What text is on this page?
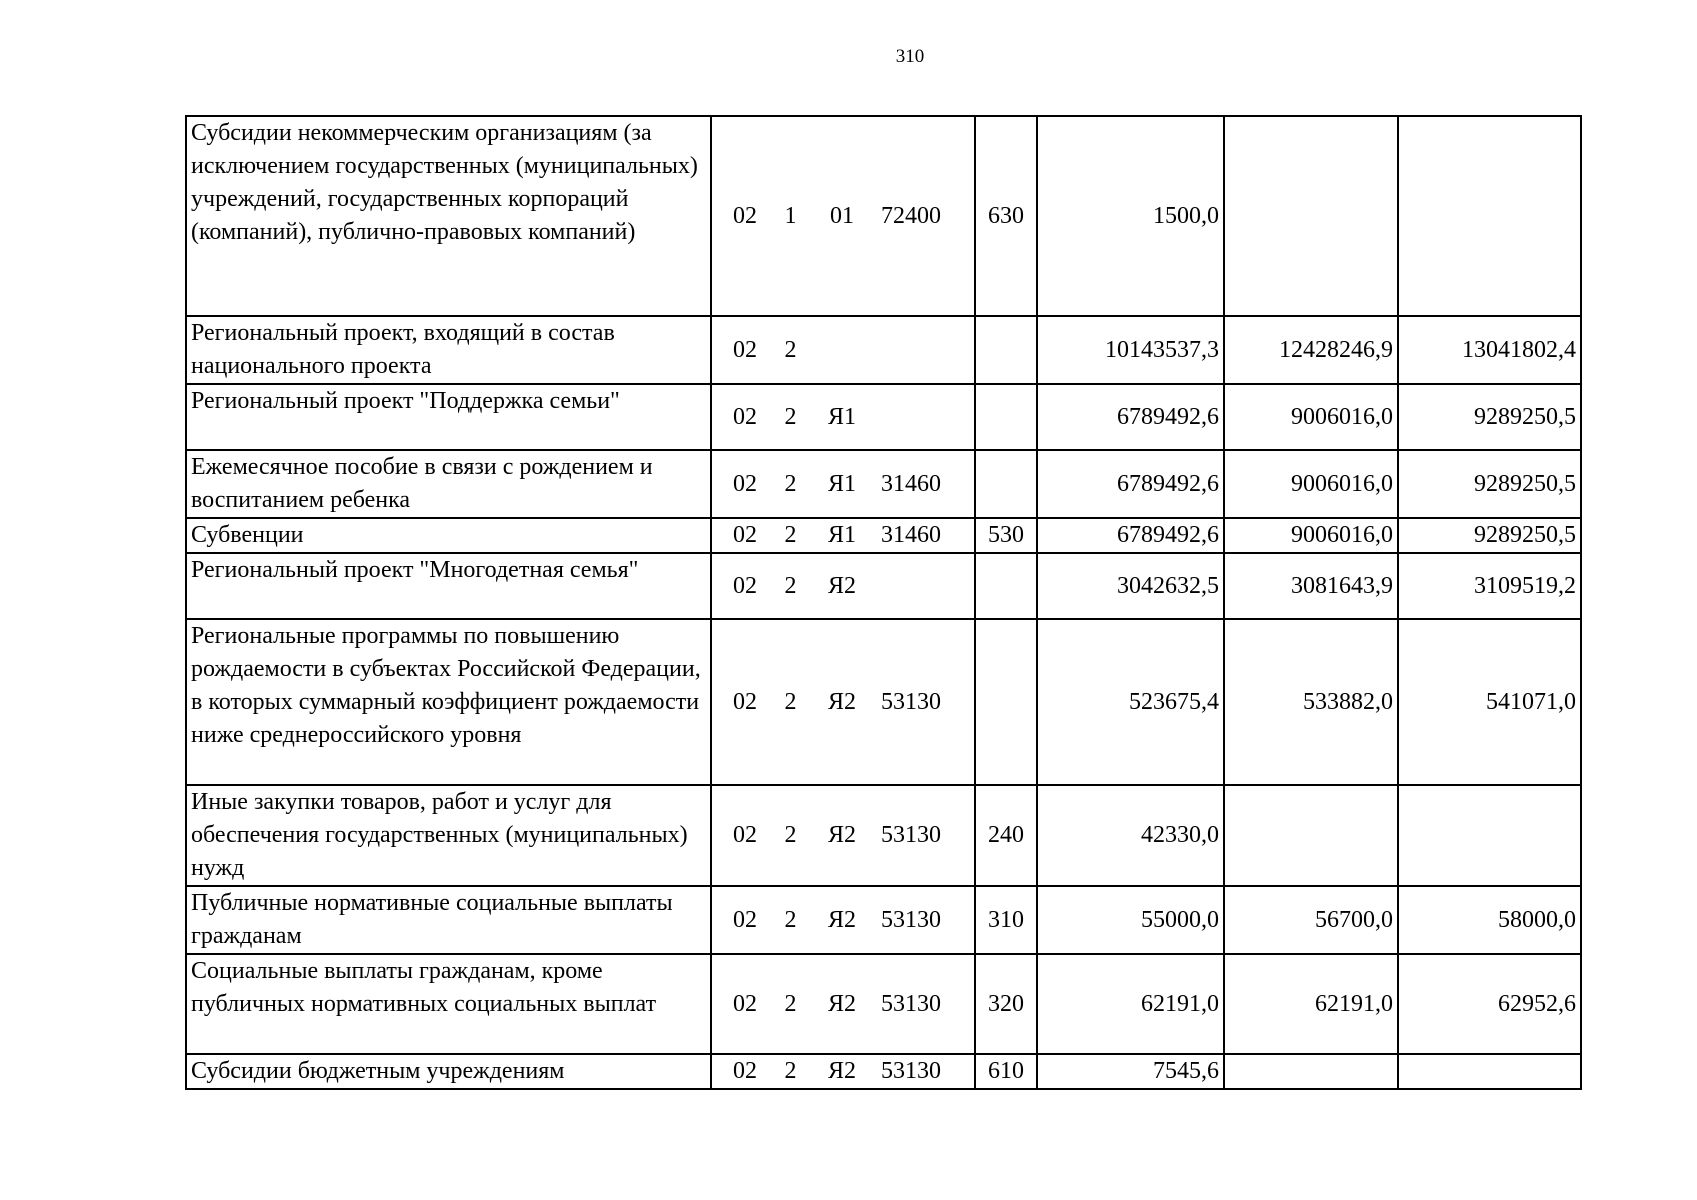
310
Субсидии некоммерческим организациям (за исключением государственных (муниципальных) учреждений, государственных корпораций (компаний), публично-правовых компаний)	02 1 01 72400	630	1500,0		
Региональный проект, входящий в состав национального проекта	02 2		10143537,3	12428246,9	13041802,4
Региональный проект "Поддержка семьи"	02 2 Я1		6789492,6	9006016,0	9289250,5
Ежемесячное пособие в связи с рождением и воспитанием ребенка	02 2 Я1 31460		6789492,6	9006016,0	9289250,5
Субвенции	02 2 Я1 31460	530	6789492,6	9006016,0	9289250,5
Региональный проект "Многодетная семья"	02 2 Я2		3042632,5	3081643,9	3109519,2
Региональные программы по повышению рождаемости в субъектах Российской Федерации, в которых суммарный коэффициент рождаемости ниже среднероссийского уровня	02 2 Я2 53130		523675,4	533882,0	541071,0
Иные закупки товаров, работ и услуг для обеспечения государственных (муниципальных) нужд	02 2 Я2 53130	240	42330,0		
Публичные нормативные социальные выплаты гражданам	02 2 Я2 53130	310	55000,0	56700,0	58000,0
Социальные выплаты гражданам, кроме публичных нормативных социальных выплат	02 2 Я2 53130	320	62191,0	62191,0	62952,6
Субсидии бюджетным учреждениям	02 2 Я2 53130	610	7545,6		
